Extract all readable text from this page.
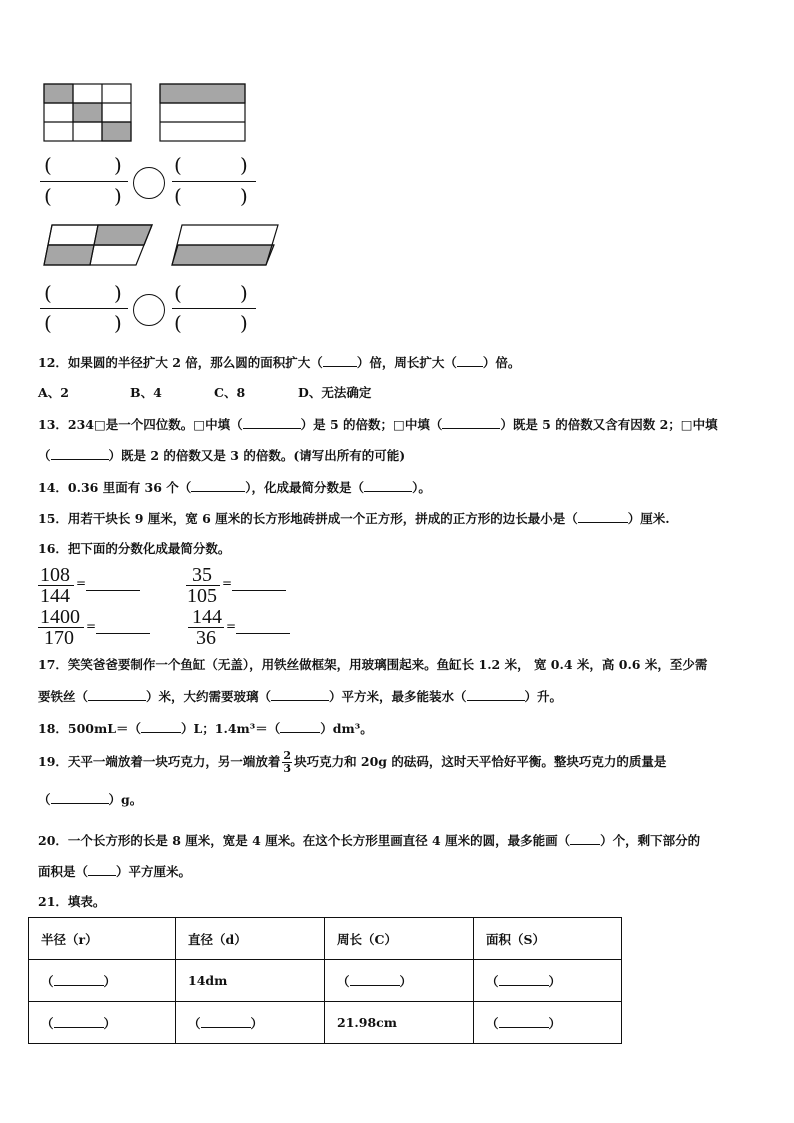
(	)
(	)
(	)
(	)
(	)
(	)
(	)
(	)
12．如果圆的半径扩大 2 倍，那么圆的面积扩大（	）倍，周长扩大（ ）倍。
A、2	B、4	C、8	D、无法确定
13．234□是一个四位数。□中填（	）是 5 的倍数；□中填（	）既是 5 的倍数又含有因数 2；□中填
（	）既是 2 的倍数又是 3 的倍数。(请写出所有的可能)
14．0.36 里面有 36 个（	），化成最简分数是（	）。
15．用若干块长 9 厘米，宽 6 厘米的长方形地砖拼成一个正方形，拼成的正方形的边长最小是（	）厘米.
16．把下面的分数化成最简分数。
108
144
=	35
105
=
1400
170
=	144
36
=
17．笑笑爸爸要制作一个鱼缸（无盖），用铁丝做框架，用玻璃围起来。鱼缸长 1.2 米， 宽 0.4 米，高 0.6 米，至少需
要铁丝（	）米，大约需要玻璃（	）平方米，最多能装水（	）升。
18．500mL＝（	）L；1.4m³＝（	）dm³。
19．天平一端放着一块巧克力，另一端放着 $\frac{2}{3}$ 块巧克力和 20g 的砝码，这时天平恰好平衡。整块巧克力的质量是
（	）g。
20．一个长方形的长是 8 厘米，宽是 4 厘米。在这个长方形里画直径 4 厘米的圆，最多能画（ ）个，剩下部分的
面积是（ ）平方厘米。
21．填表。
半径（r）	直径（d）	周长（C）	面积（S）
（ ）	14dm	（ ）	（ ）
（ ）	（ ）	21.98cm	（ ）
